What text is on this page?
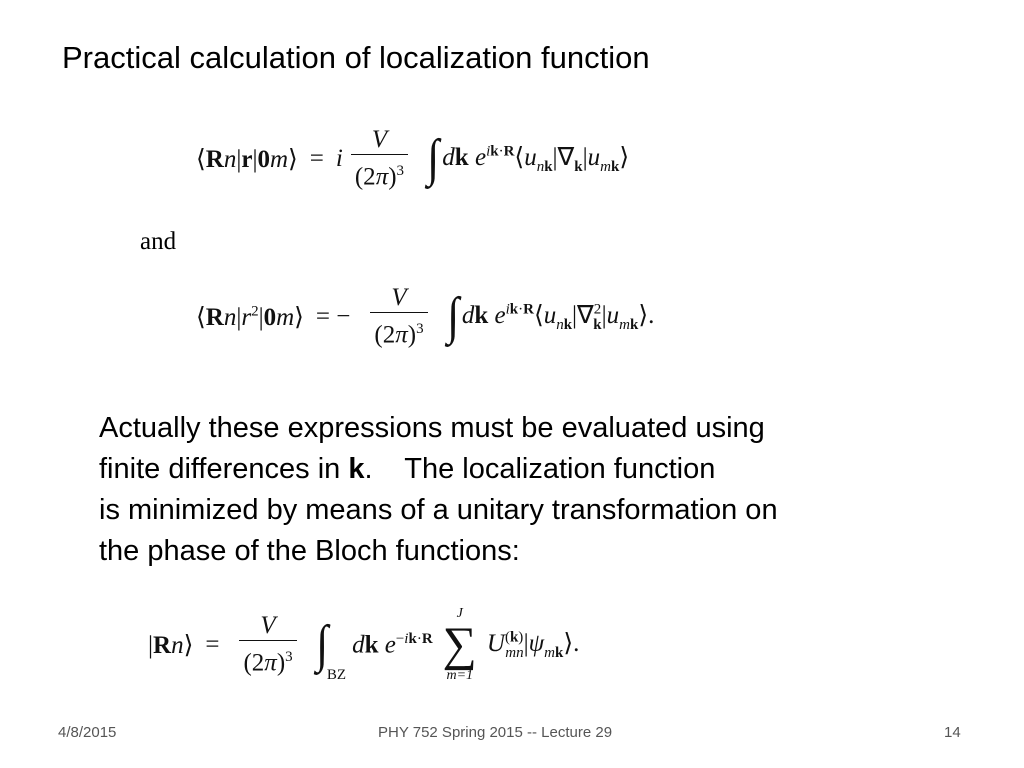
Practical calculation of localization function
⟨Rn|r|0m⟩ = i $\frac{V}{(2\pi)^3}$ ∫ dk $e^{ik\cdot R}⟨u_{nk}|\nabla_k|u_{mk}⟩$
and
$⟨Rn|r^2|0m⟩$ = − $\frac{V}{(2\pi)^3}$ ∫ dk $e^{ik\cdot R}⟨u_{nk}|\nabla^2_k|u_{mk}⟩$.

Actually these expressions must be evaluated using

finite differences in k.    The localization function

is minimized by means of a unitary transformation on

the phase of the Bloch functions:

|Rn⟩ = $\frac{V}{(2\pi)^3}$ ∫
BZ
dk $e^{-ik\cdot R}$
J
∑
m=1
$U^{(k)}_{mn}|\psi_{mk}⟩$.
4/8/2015	PHY 752 Spring 2015 -- Lecture 29	14
